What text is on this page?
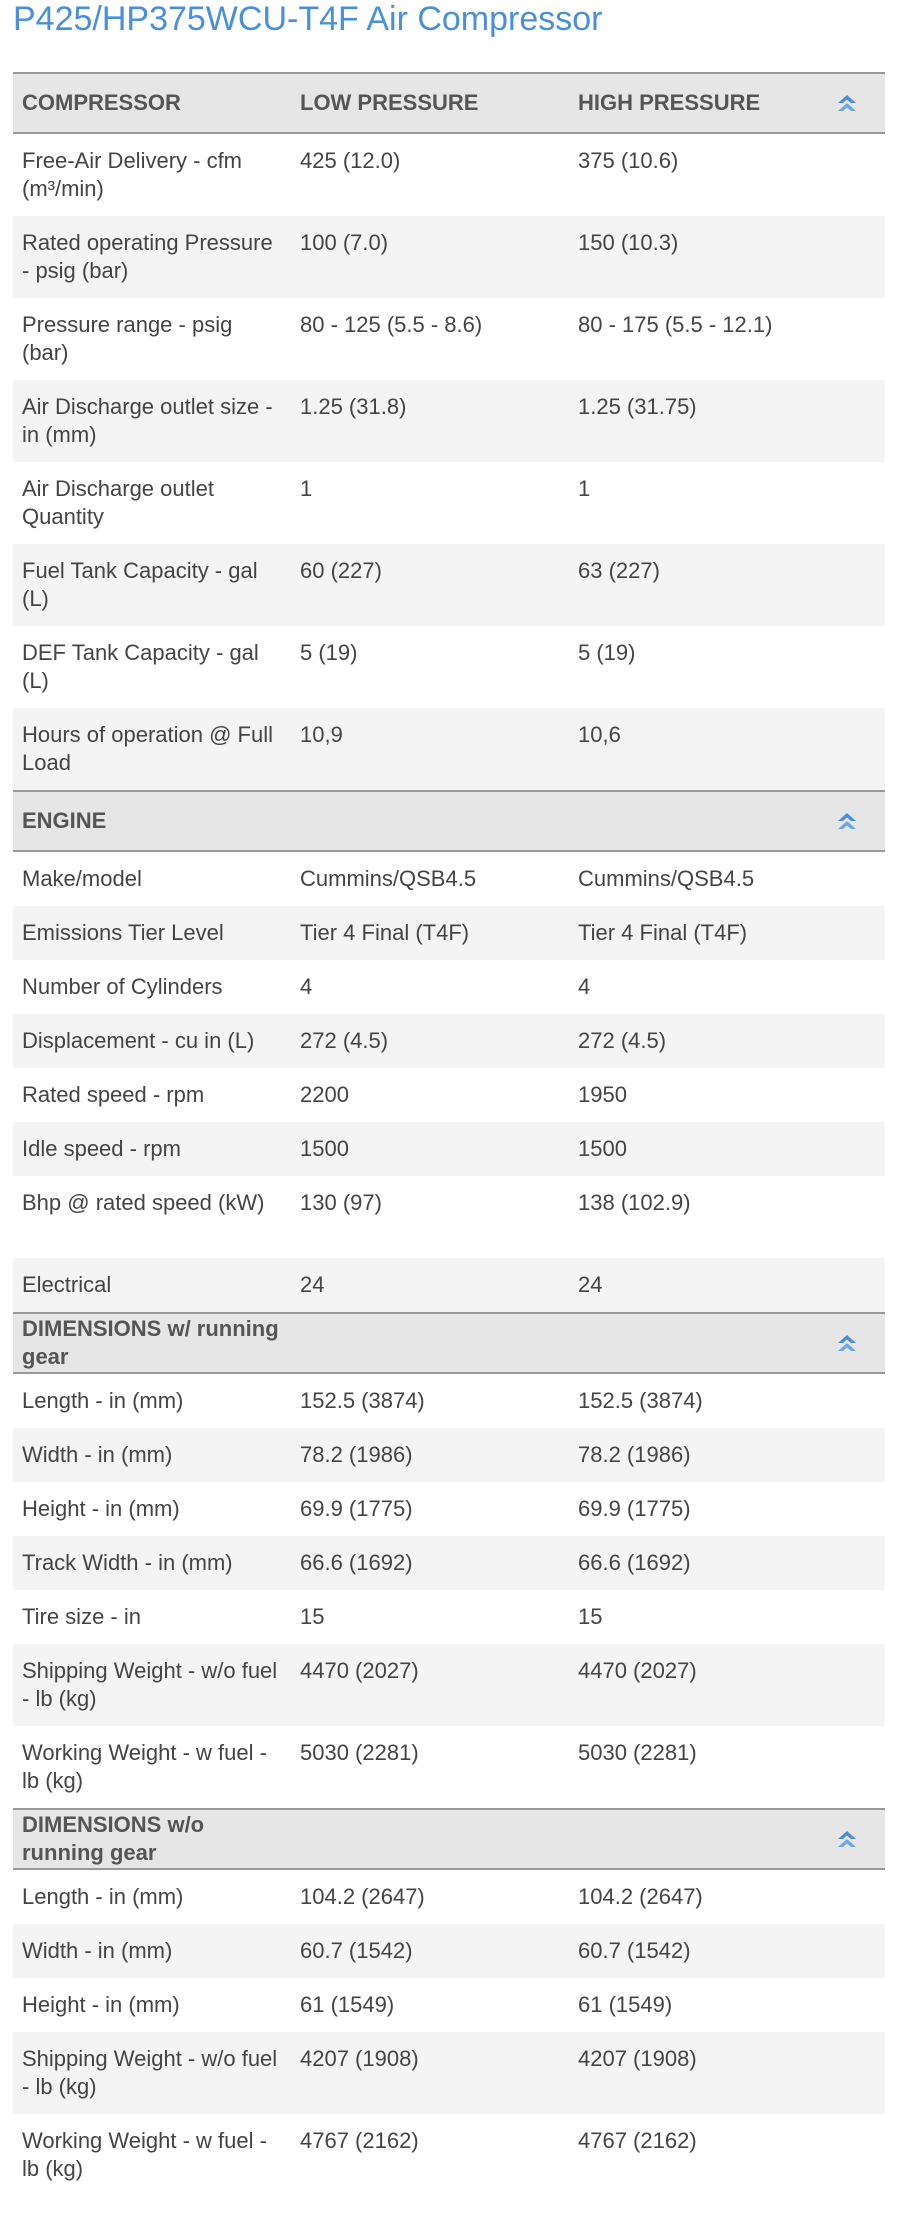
P425/HP375WCU-T4F Air Compressor
COMPRESSOR	LOW PRESSURE	HIGH PRESSURE	
Free-Air Delivery - cfm (m³/min)	425 (12.0)	375 (10.6)	
Rated operating Pressure - psig (bar)	100 (7.0)	150 (10.3)	
Pressure range - psig (bar)	80 - 125 (5.5 - 8.6)	80 - 175 (5.5 - 12.1)	
Air Discharge outlet size - in (mm)	1.25 (31.8)	1.25 (31.75)	
Air Discharge outlet Quantity	1	1	
Fuel Tank Capacity - gal (L)	60 (227)	63 (227)	
DEF Tank Capacity - gal (L)	5 (19)	5 (19)	
Hours of operation @ Full Load	10,9	10,6	
ENGINE			
Make/model	Cummins/QSB4.5	Cummins/QSB4.5	
Emissions Tier Level	Tier 4 Final (T4F)	Tier 4 Final (T4F)	
Number of Cylinders	4	4	
Displacement - cu in (L)	272 (4.5)	272 (4.5)	
Rated speed - rpm	2200	1950	
Idle speed - rpm	1500	1500	
Bhp @ rated speed (kW)	130 (97)	138 (102.9)	
Electrical	24	24	
DIMENSIONS w/ running gear			
Length - in (mm)	152.5 (3874)	152.5 (3874)	
Width - in (mm)	78.2 (1986)	78.2 (1986)	
Height - in (mm)	69.9 (1775)	69.9 (1775)	
Track Width - in (mm)	66.6 (1692)	66.6 (1692)	
Tire size - in	15	15	
Shipping Weight - w/o fuel - lb (kg)	4470 (2027)	4470 (2027)	
Working Weight - w fuel - lb (kg)	5030 (2281)	5030 (2281)	
DIMENSIONS w/o running gear			
Length - in (mm)	104.2 (2647)	104.2 (2647)	
Width - in (mm)	60.7 (1542)	60.7 (1542)	
Height - in (mm)	61 (1549)	61 (1549)	
Shipping Weight - w/o fuel - lb (kg)	4207 (1908)	4207 (1908)	
Working Weight - w fuel - lb (kg)	4767 (2162)	4767 (2162)	
